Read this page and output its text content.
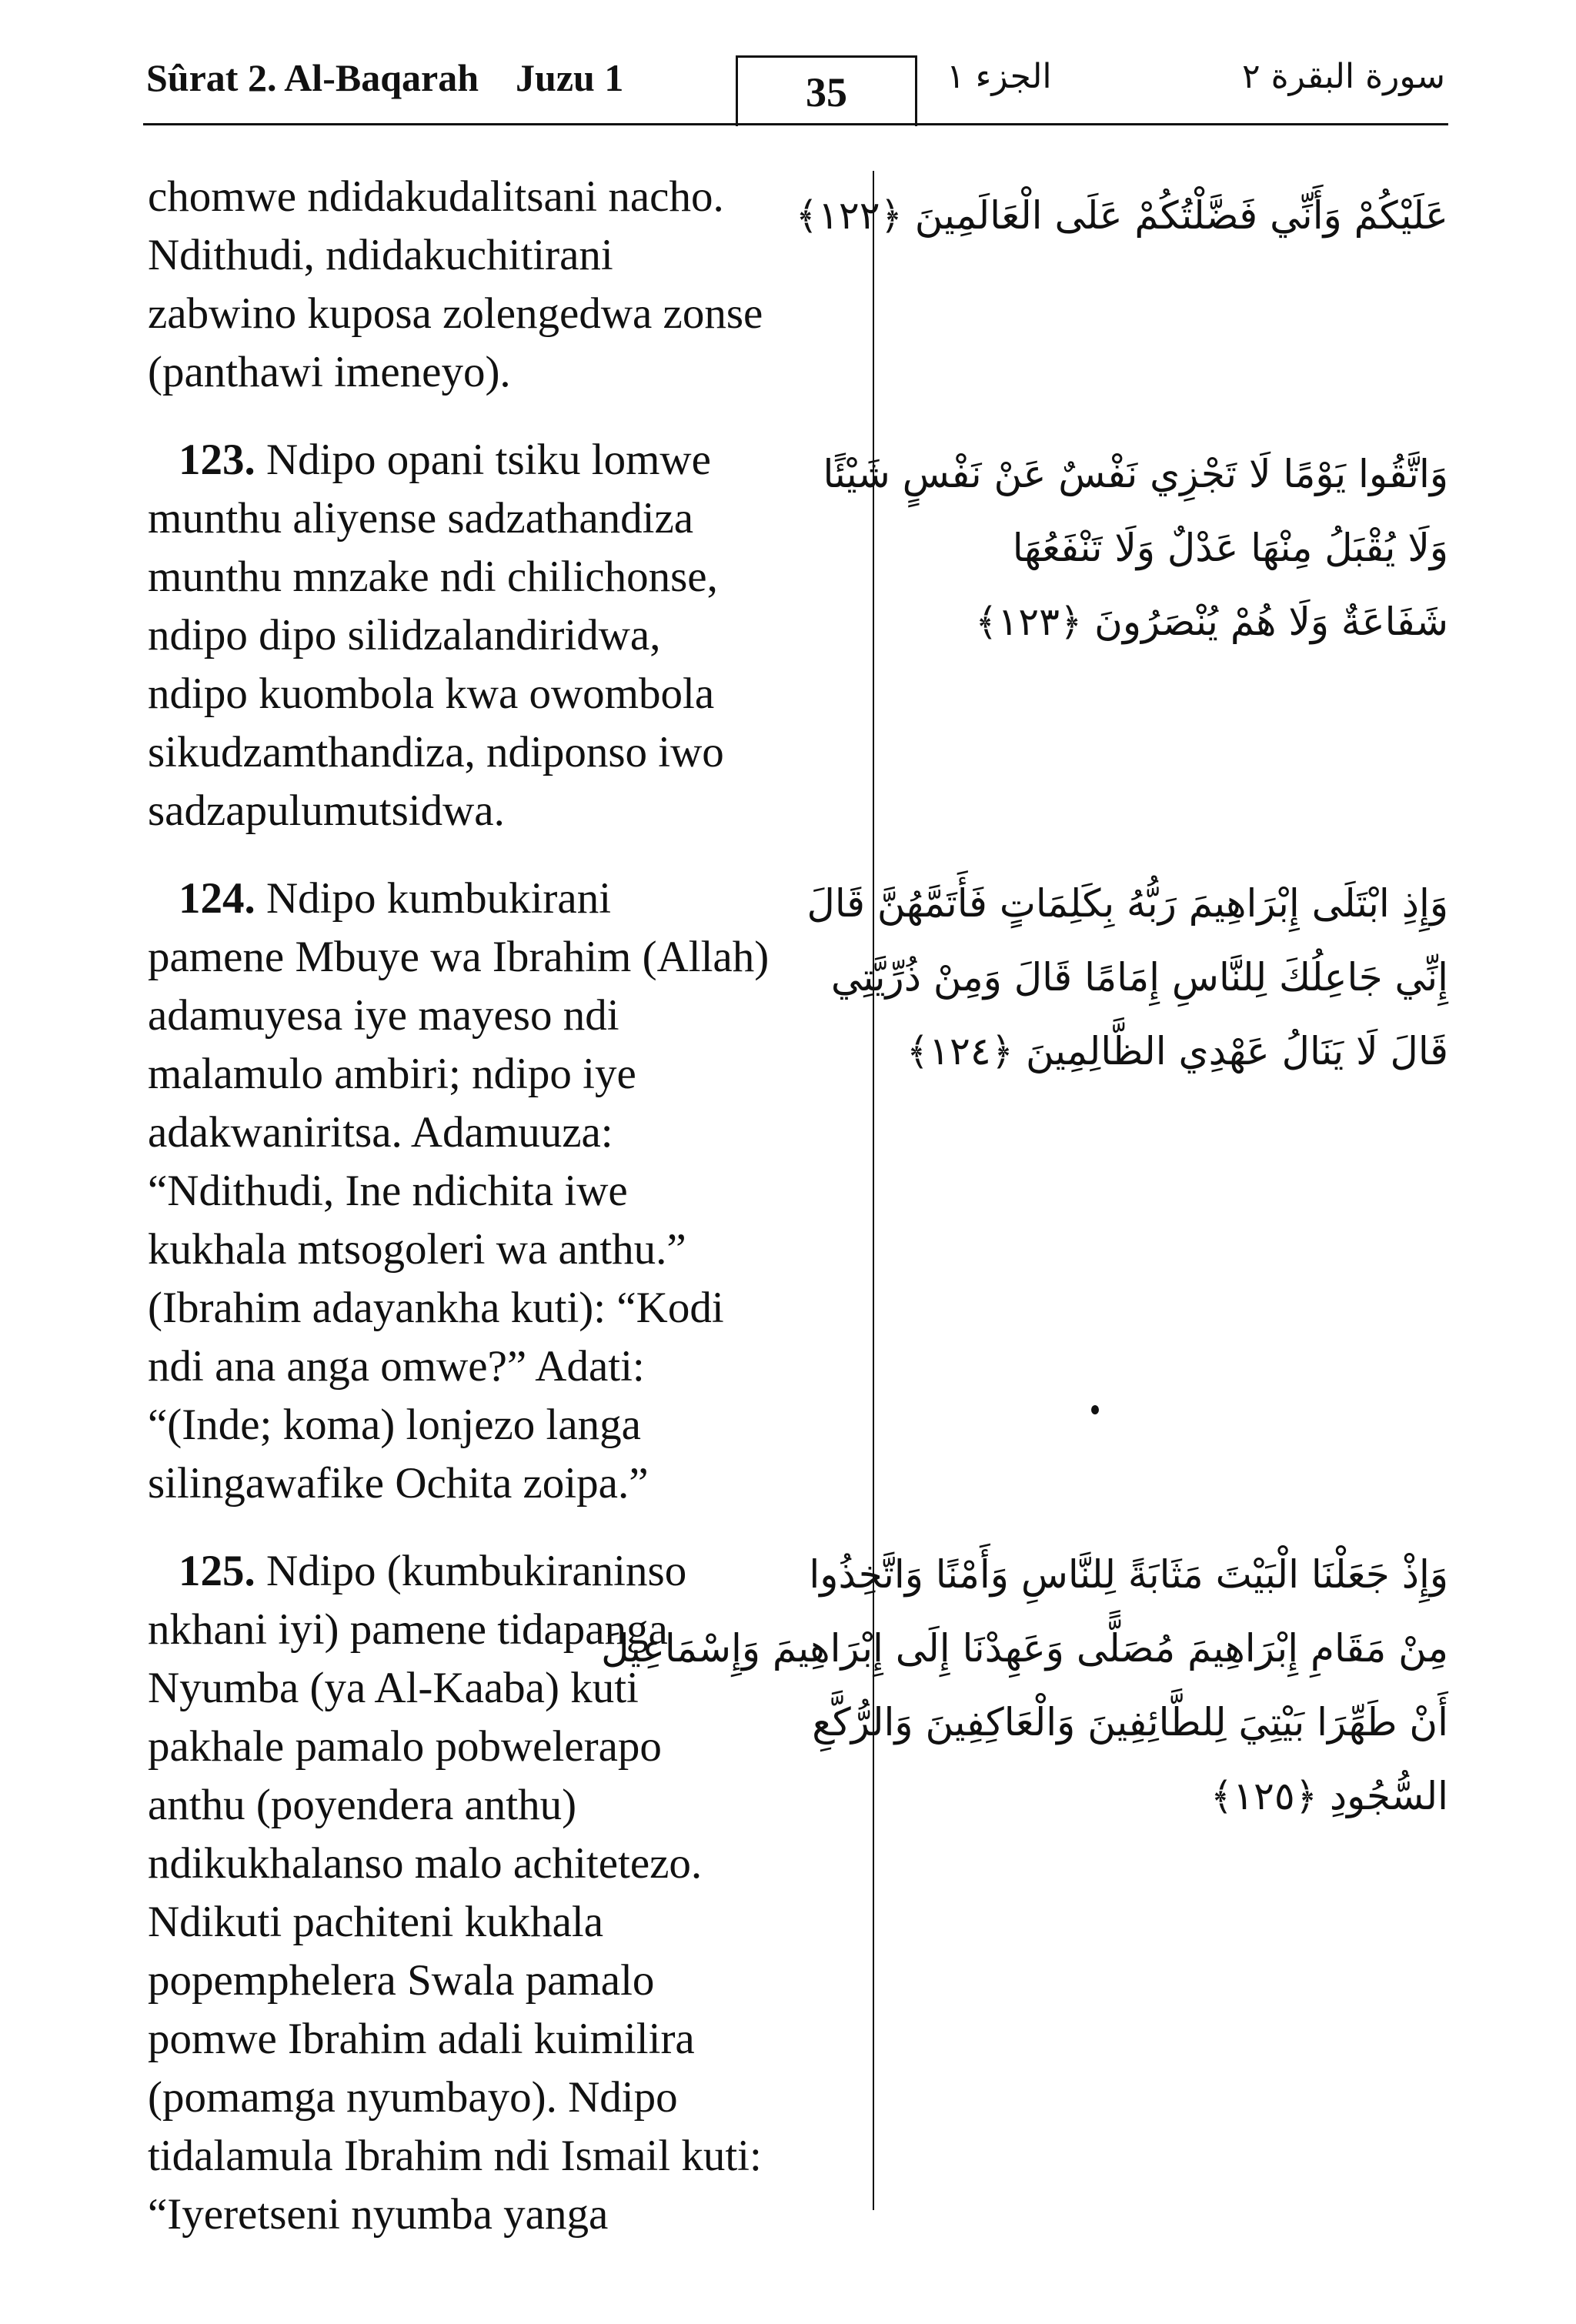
Sûrat 2. Al-Baqarah Juzu 1	35	الجزء ١	سورة البقرة ٢

chomwe ndidakudalitsani nacho.
Ndithudi, ndidakuchitirani
zabwino kuposa zolengedwa zonse
(panthawi imeneyo).

123. Ndipo opani tsiku lomwe
munthu aliyense sadzathandiza
munthu mnzake ndi chilichonse,
ndipo dipo silidzalandiridwa,
ndipo kuombola kwa owombola
sikudzamthandiza, ndiponso iwo
sadzapulumutsidwa.

124. Ndipo kumbukirani
pamene Mbuye wa Ibrahim (Allah)
adamuyesa iye mayeso ndi
malamulo ambiri; ndipo iye
adakwaniritsa. Adamuuza:
“Ndithudi, Ine ndichita iwe
kukhala mtsogoleri wa anthu.”
(Ibrahim adayankha kuti): “Kodi
ndi ana anga omwe?” Adati:
“(Inde; koma) lonjezo langa
silingawafike Ochita zoipa.”

125. Ndipo (kumbukiraninso
nkhani iyi) pamene tidapanga
Nyumba (ya Al-Kaaba) kuti
pakhale pamalo pobwelerapo
anthu (poyendera anthu)
ndikukhalanso malo achitetezo.
Ndikuti pachiteni kukhala
popemphelera Swala pamalo
pomwe Ibrahim adali kuimilira
(pomamga nyumbayo). Ndipo
tidalamula Ibrahim ndi Ismail kuti:
“Iyeretseni nyumba yanga

عَلَيْكُمْ وَأَنِّي فَضَّلْتُكُمْ عَلَى الْعَالَمِينَ ﴿١٢٢﴾
وَاتَّقُوا يَوْمًا لَا تَجْزِي نَفْسٌ عَنْ نَفْسٍ شَيْئًا
وَلَا يُقْبَلُ مِنْهَا عَدْلٌ وَلَا تَنْفَعُهَا
شَفَاعَةٌ وَلَا هُمْ يُنْصَرُونَ ﴿١٢٣﴾
وَإِذِ ابْتَلَى إِبْرَاهِيمَ رَبُّهُ بِكَلِمَاتٍ فَأَتَمَّهُنَّ قَالَ
إِنِّي جَاعِلُكَ لِلنَّاسِ إِمَامًا قَالَ وَمِنْ ذُرِّيَّتِي
قَالَ لَا يَنَالُ عَهْدِي الظَّالِمِينَ ﴿١٢٤﴾
وَإِذْ جَعَلْنَا الْبَيْتَ مَثَابَةً لِلنَّاسِ وَأَمْنًا وَاتَّخِذُوا
مِنْ مَقَامِ إِبْرَاهِيمَ مُصَلًّى وَعَهِدْنَا إِلَى إِبْرَاهِيمَ وَإِسْمَاعِيلَ
أَنْ طَهِّرَا بَيْتِيَ لِلطَّائِفِينَ وَالْعَاكِفِينَ وَالرُّكَّعِ
السُّجُودِ ﴿١٢٥﴾
